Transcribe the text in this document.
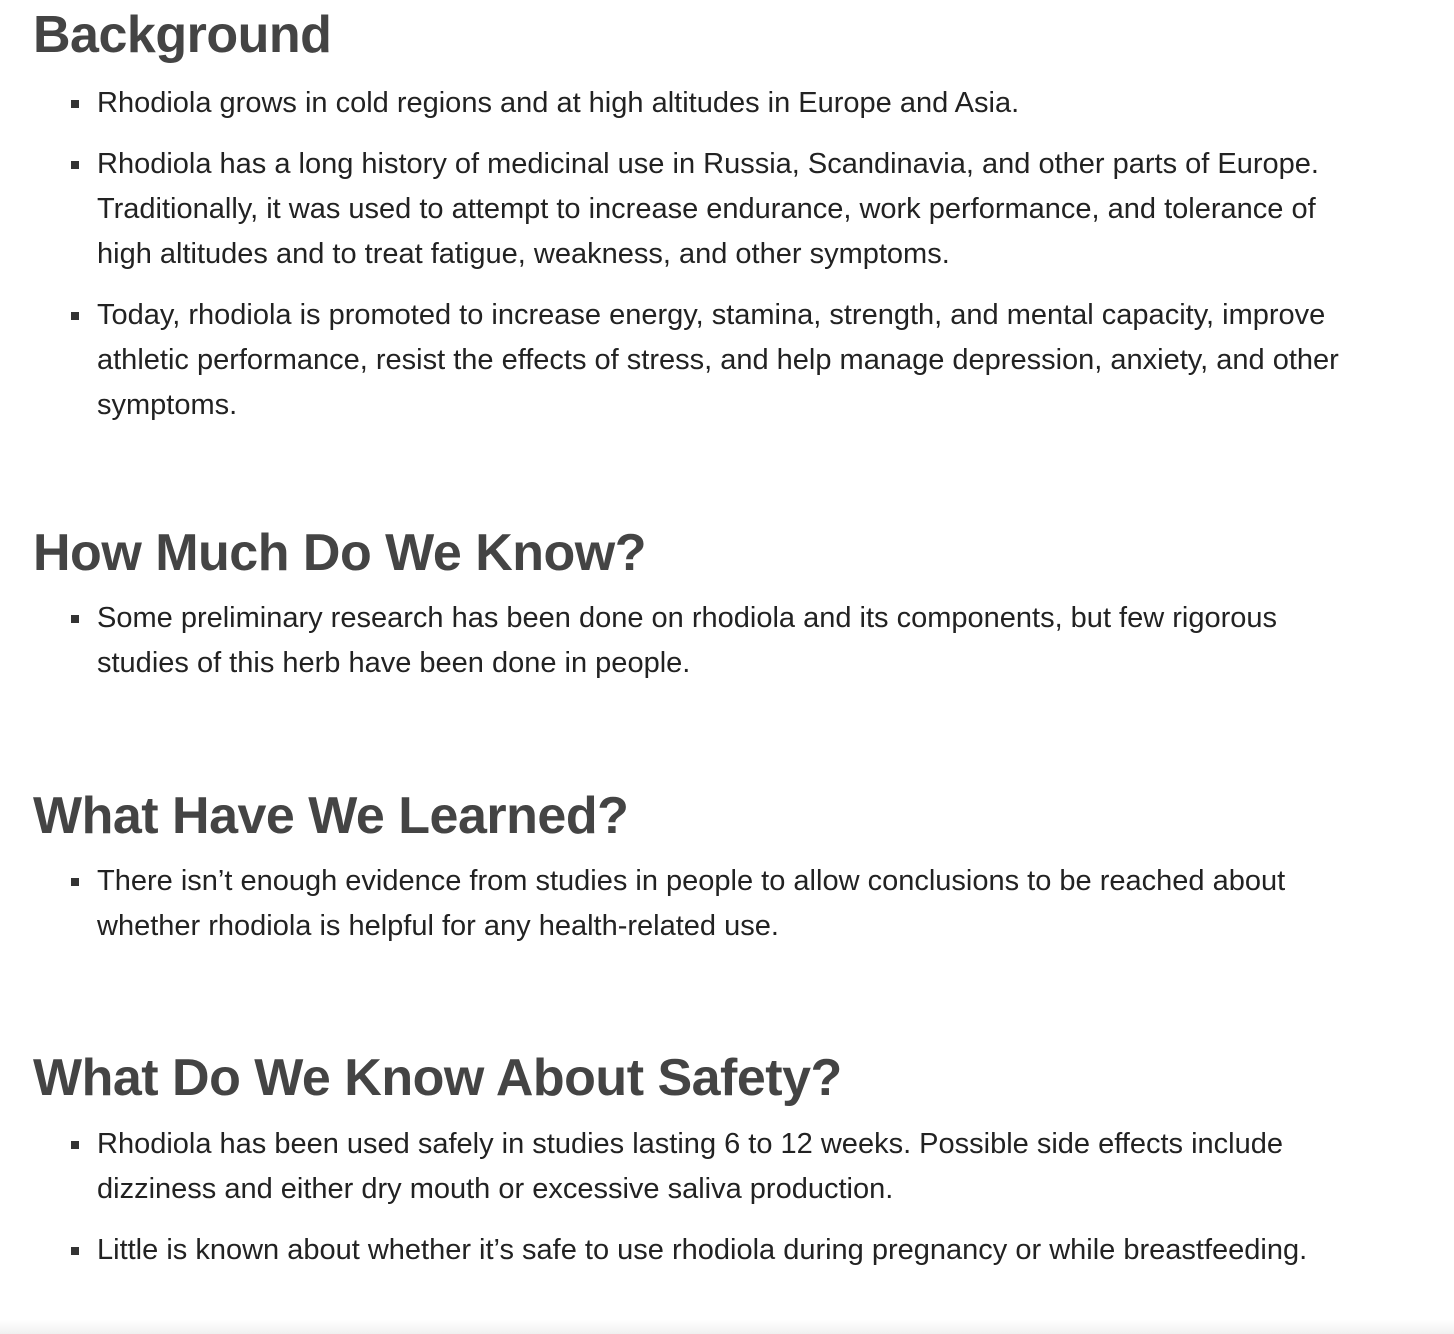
Background
Rhodiola grows in cold regions and at high altitudes in Europe and Asia.
Rhodiola has a long history of medicinal use in Russia, Scandinavia, and other parts of Europe. Traditionally, it was used to attempt to increase endurance, work performance, and tolerance of high altitudes and to treat fatigue, weakness, and other symptoms.
Today, rhodiola is promoted to increase energy, stamina, strength, and mental capacity, improve athletic performance, resist the effects of stress, and help manage depression, anxiety, and other symptoms.
How Much Do We Know?
Some preliminary research has been done on rhodiola and its components, but few rigorous studies of this herb have been done in people.
What Have We Learned?
There isn’t enough evidence from studies in people to allow conclusions to be reached about whether rhodiola is helpful for any health-related use.
What Do We Know About Safety?
Rhodiola has been used safely in studies lasting 6 to 12 weeks. Possible side effects include dizziness and either dry mouth or excessive saliva production.
Little is known about whether it’s safe to use rhodiola during pregnancy or while breastfeeding.
